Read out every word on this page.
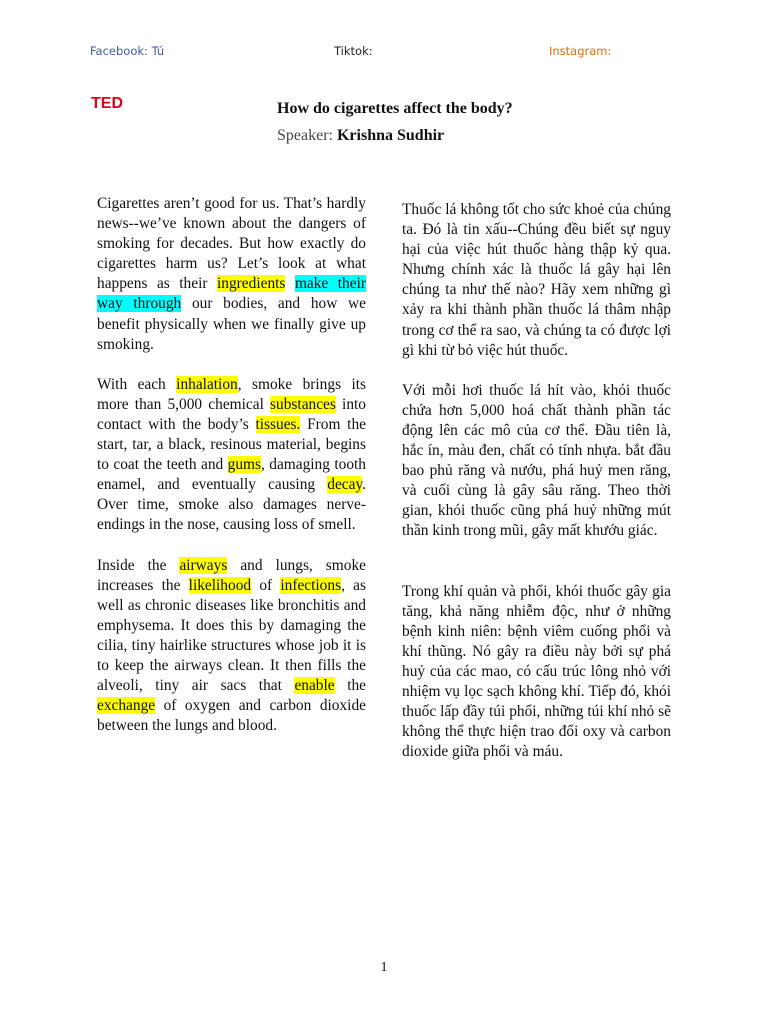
Facebook: Tú	Tiktok:	Instagram:
TED	How do cigarettes affect the body?
Speaker: Krishna Sudhir

Cigarettes aren’t good for us. That’s hardly news--we’ve known about the dangers of smoking for decades. But how exactly do cigarettes harm us? Let’s look at what happens as their ingredients make their way through our bodies, and how we benefit physically when we finally give up smoking.

With each inhalation, smoke brings its more than 5,000 chemical substances into contact with the body’s tissues. From the start, tar, a black, resinous material, begins to coat the teeth and gums, damaging tooth enamel, and eventually causing decay. Over time, smoke also damages nerve-endings in the nose, causing loss of smell.

Inside the airways and lungs, smoke increases the likelihood of infections, as well as chronic diseases like bronchitis and emphysema. It does this by damaging the cilia, tiny hairlike structures whose job it is to keep the airways clean. It then fills the alveoli, tiny air sacs that enable the exchange of oxygen and carbon dioxide between the lungs and blood.

Thuốc lá không tốt cho sức khoẻ của chúng ta. Đó là tin xấu--Chúng đều biết sự nguy hại của việc hút thuốc hàng thập kỷ qua. Nhưng chính xác là thuốc lá gây hại lên chúng ta như thế nào? Hãy xem những gì xảy ra khi thành phần thuốc lá thâm nhập trong cơ thể ra sao, và chúng ta có được lợi gì khi từ bỏ việc hút thuốc.

Với mỗi hơi thuốc lá hít vào, khói thuốc chứa hơn 5,000 hoá chất thành phần tác động lên các mô của cơ thể. Đầu tiên là, hắc ín, màu đen, chất có tính nhựa. bắt đầu bao phủ răng và nướu, phá huỷ men răng, và cuối cùng là gây sâu răng. Theo thời gian, khói thuốc cũng phá huỷ những mút thần kinh trong mũi, gây mất khướu giác.

Trong khí quản và phổi, khói thuốc gây gia tăng, khả năng nhiễm độc, như ở những bệnh kinh niên: bệnh viêm cuống phổi và khí thũng. Nó gây ra điều này bởi sự phá huỷ của các mao, có cấu trúc lông nhỏ với nhiệm vụ lọc sạch không khí. Tiếp đó, khói thuốc lấp đầy túi phổi, những túi khí nhỏ sẽ không thể thực hiện trao đổi oxy và carbon dioxide giữa phổi và máu.

1
